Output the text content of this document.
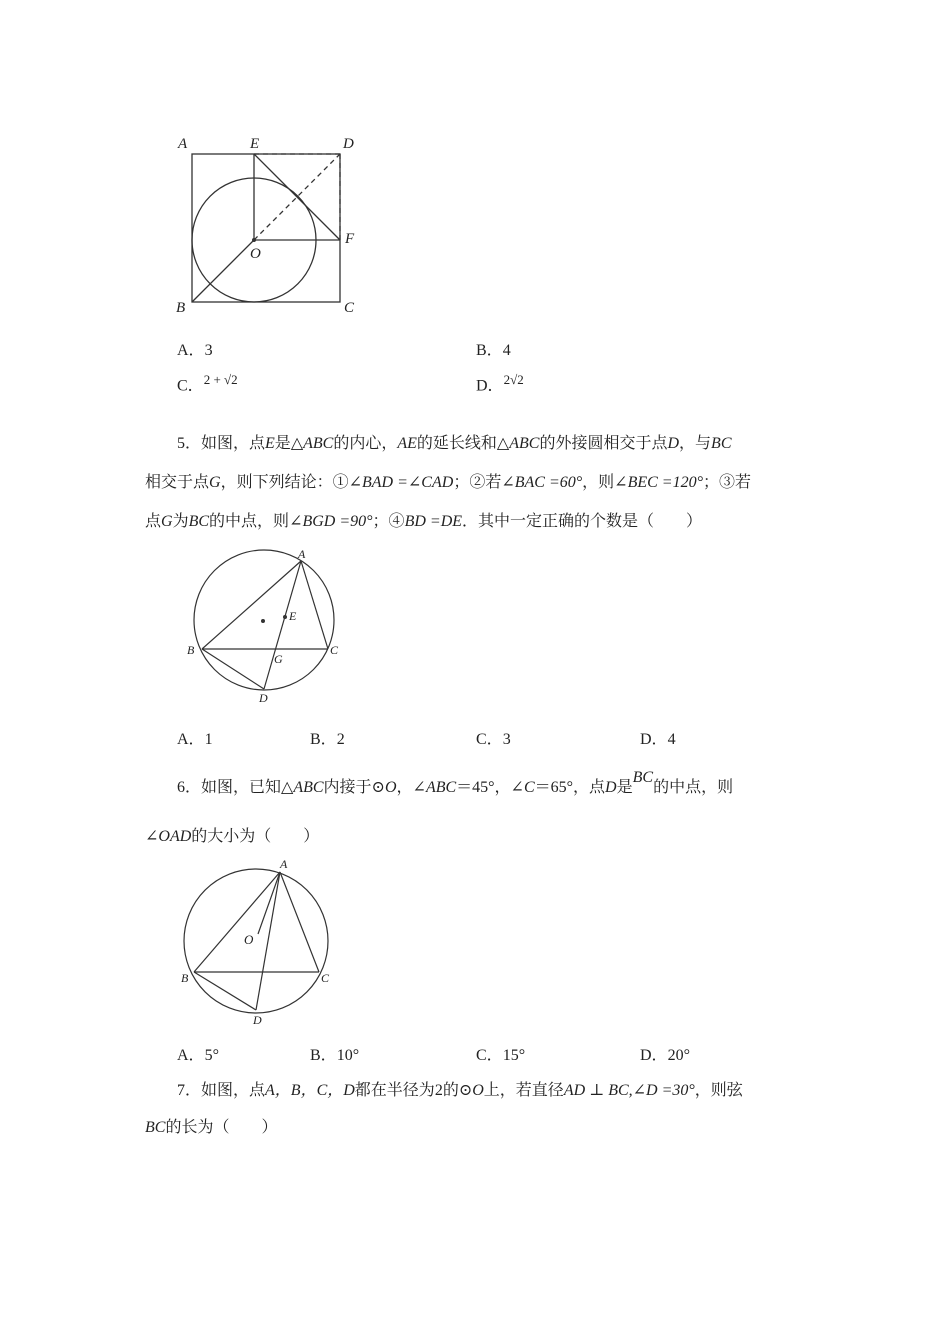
A	E	D
O
F
B	C
A．3	B．4
C．$^{2 + √2}$	D．$^{2√2}$
5．如图，点E是△ABC的内心，AE的延长线和△ABC的外接圆相交于点D，与BC
相交于点G，则下列结论：①∠BAD =∠CAD；②若∠BAC =60°，则∠BEC =120°；③若
点G为BC的中点，则∠BGD =90°；④BD =DE．其中一定正确的个数是（　　）
A
E
B
G
C
D
A．1	B．2	C．3	D．4
6．如图，已知△ABC内接于⊙O，∠ABC＝45°，∠C＝65°，点D是BC的中点，则
∠OAD的大小为（　　）
A
O
B	C
D
A．5°	B．10°	C．15°	D．20°
7．如图，点A，B，C，D都在半径为2的⊙O上，若直径AD ⊥ BC,∠D =30°，则弦
BC的长为（　　）
